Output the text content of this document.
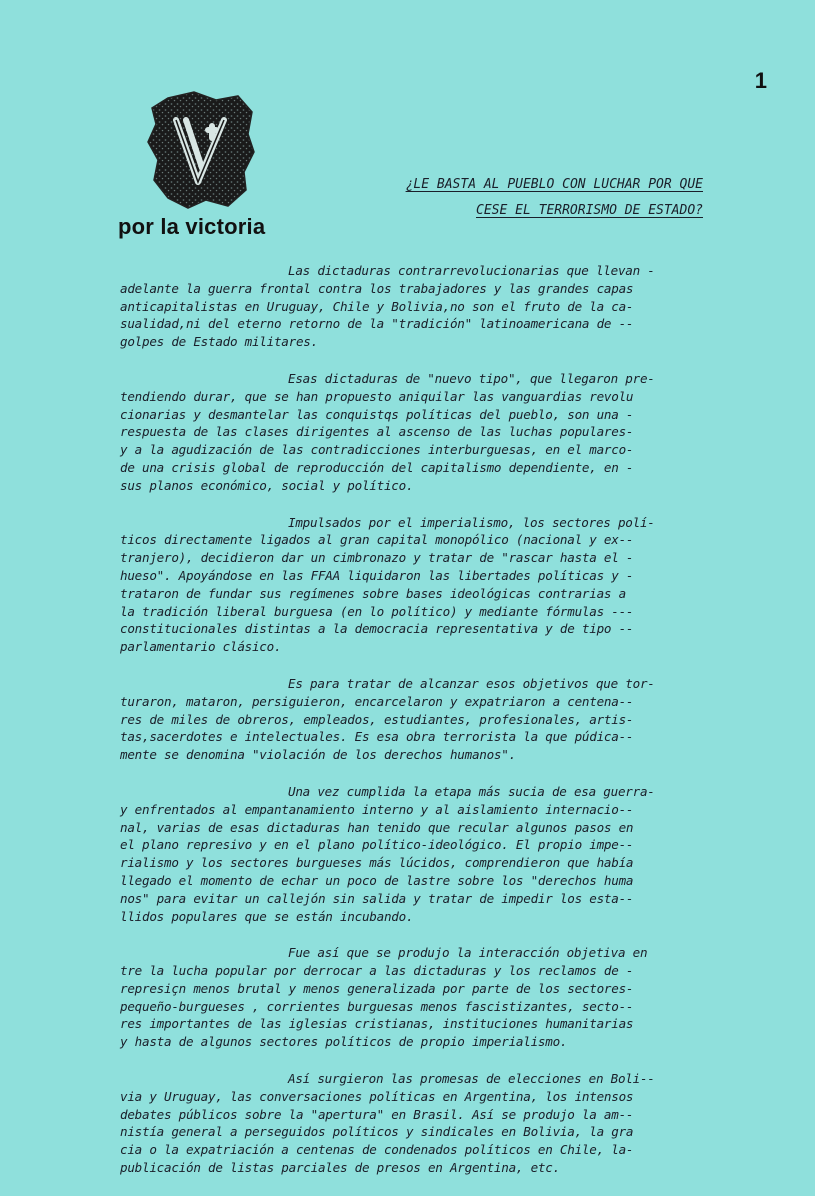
1
por la victoria
¿LE BASTA AL PUEBLO CON LUCHAR POR QUE
CESE EL TERRORISMO DE ESTADO?

Las dictaduras contrarrevolucionarias que llevan -
adelante la guerra frontal contra los trabajadores y las grandes capas
anticapitalistas en Uruguay, Chile y Bolivia,no son el fruto de la ca-
sualidad,ni del eterno retorno de la "tradición" latinoamericana de --
golpes de Estado militares.

Esas dictaduras de "nuevo tipo", que llegaron pre-
tendiendo durar, que se han propuesto aniquilar las vanguardias revolu
cionarias y desmantelar las conquistqs políticas del pueblo, son una -
respuesta de las clases dirigentes al ascenso de las luchas populares-
y a la agudización de las contradicciones interburguesas, en el marco-
de una crisis global de reproducción del capitalismo dependiente, en -
sus planos económico, social y político.

Impulsados por el imperialismo, los sectores polí-
ticos directamente ligados al gran capital monopólico (nacional y ex--
tranjero), decidieron dar un cimbronazo y tratar de "rascar hasta el -
hueso". Apoyándose en las FFAA liquidaron las libertades políticas y -
trataron de fundar sus regímenes sobre bases ideológicas contrarias a
la tradición liberal burguesa (en lo político) y mediante fórmulas ---
constitucionales distintas a la democracia representativa y de tipo --
parlamentario clásico.

Es para tratar de alcanzar esos objetivos que tor-
turaron, mataron, persiguieron, encarcelaron y expatriaron a centena--
res de miles de obreros, empleados, estudiantes, profesionales, artis-
tas,sacerdotes e intelectuales. Es esa obra terrorista la que púdica--
mente se denomina "violación de los derechos humanos".

Una vez cumplida la etapa más sucia de esa guerra-
y enfrentados al empantanamiento interno y al aislamiento internacio--
nal, varias de esas dictaduras han tenido que recular algunos pasos en
el plano represivo y en el plano político-ideológico. El propio impe--
rialismo y los sectores burgueses más lúcidos, comprendieron que había
llegado el momento de echar un poco de lastre sobre los "derechos huma
nos" para evitar un callejón sin salida y tratar de impedir los esta--
llidos populares que se están incubando.

Fue así que se produjo la interacción objetiva en
tre la lucha popular por derrocar a las dictaduras y los reclamos de -
represiçn menos brutal y menos generalizada por parte de los sectores-
pequeño-burgueses , corrientes burguesas menos fascistizantes, secto--
res importantes de las iglesias cristianas, instituciones humanitarias
y hasta de algunos sectores políticos de propio imperialismo.

Así surgieron las promesas de elecciones en Boli--
via y Uruguay, las conversaciones políticas en Argentina, los intensos
debates públicos sobre la "apertura" en Brasil. Así se produjo la am--
nistía general a perseguidos políticos y sindicales en Bolivia, la gra
cia o la expatriación a centenas de condenados políticos en Chile, la-
publicación de listas parciales de presos en Argentina, etc.
